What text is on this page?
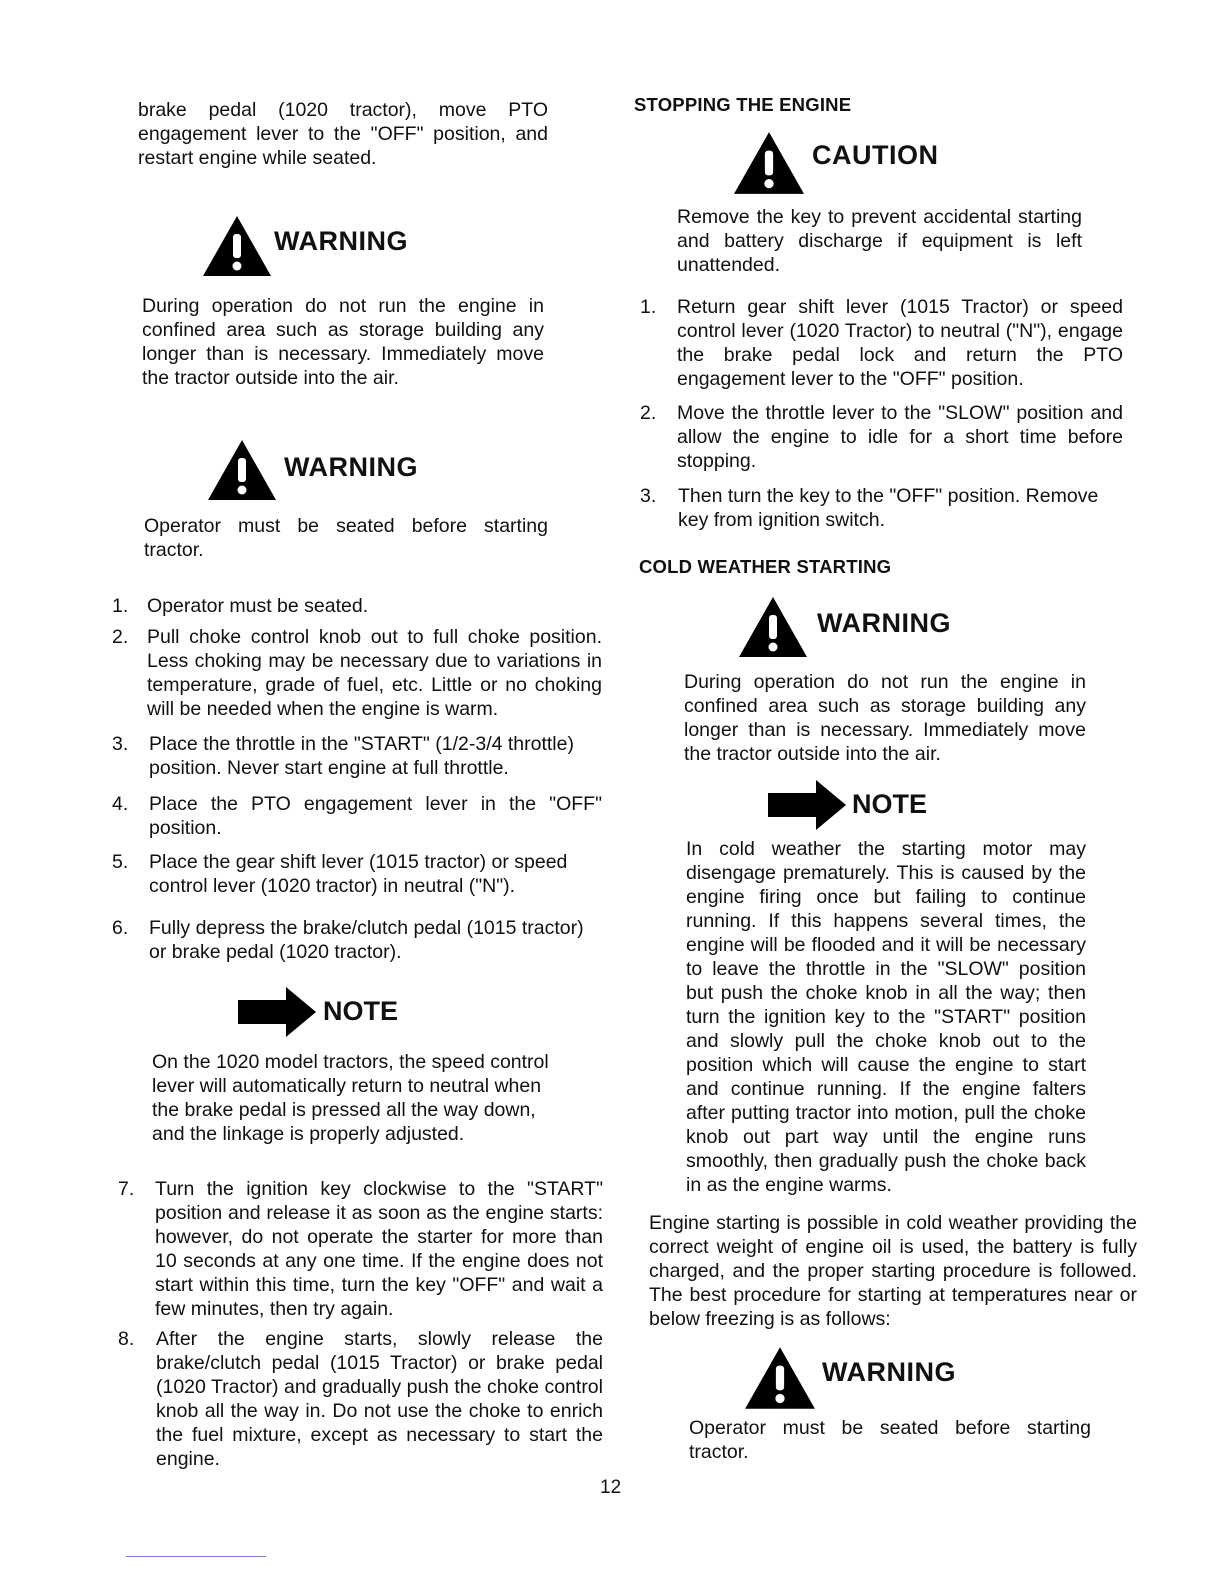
brake pedal (1020 tractor), move PTO engagement lever to the "OFF" position, and restart engine while seated.

WARNING

During operation do not run the engine in confined area such as storage building any longer than is necessary. Immediately move the tractor outside into the air.

WARNING

Operator must be seated before starting tractor.

1. Operator must be seated.

2. Pull choke control knob out to full choke position. Less choking may be necessary due to variations in temperature, grade of fuel, etc. Little or no choking will be needed when the engine is warm.

3. Place the throttle in the "START" (1/2-3/4 throttle) position. Never start engine at full throttle.

4. Place the PTO engagement lever in the "OFF" position.

5. Place the gear shift lever (1015 tractor) or speed control lever (1020 tractor) in neutral ("N").

6. Fully depress the brake/clutch pedal (1015 tractor) or brake pedal (1020 tractor).

NOTE

On the 1020 model tractors, the speed control lever will automatically return to neutral when the brake pedal is pressed all the way down, and the linkage is properly adjusted.

7. Turn the ignition key clockwise to the "START" position and release it as soon as the engine starts: however, do not operate the starter for more than 10 seconds at any one time. If the engine does not start within this time, turn the key "OFF" and wait a few minutes, then try again.

8. After the engine starts, slowly release the brake/clutch pedal (1015 Tractor) or brake pedal (1020 Tractor) and gradually push the choke control knob all the way in. Do not use the choke to enrich the fuel mixture, except as necessary to start the engine.

STOPPING THE ENGINE
CAUTION

Remove the key to prevent accidental starting and battery discharge if equipment is left unattended.

1. Return gear shift lever (1015 Tractor) or speed control lever (1020 Tractor) to neutral ("N"), engage the brake pedal lock and return the PTO engagement lever to the "OFF" position.

2. Move the throttle lever to the "SLOW" position and allow the engine to idle for a short time before stopping.

3. Then turn the key to the "OFF" position. Remove key from ignition switch.

COLD WEATHER STARTING
WARNING

During operation do not run the engine in confined area such as storage building any longer than is necessary. Immediately move the tractor outside into the air.

NOTE

In cold weather the starting motor may disengage prematurely. This is caused by the engine firing once but failing to continue running. If this happens several times, the engine will be flooded and it will be necessary to leave the throttle in the "SLOW" position but push the choke knob in all the way; then turn the ignition key to the "START" position and slowly pull the choke knob out to the position which will cause the engine to start and continue running. If the engine falters after putting tractor into motion, pull the choke knob out part way until the engine runs smoothly, then gradually push the choke back in as the engine warms.

Engine starting is possible in cold weather providing the correct weight of engine oil is used, the battery is fully charged, and the proper starting procedure is followed. The best procedure for starting at temperatures near or below freezing is as follows:

WARNING

Operator must be seated before starting tractor.

12
